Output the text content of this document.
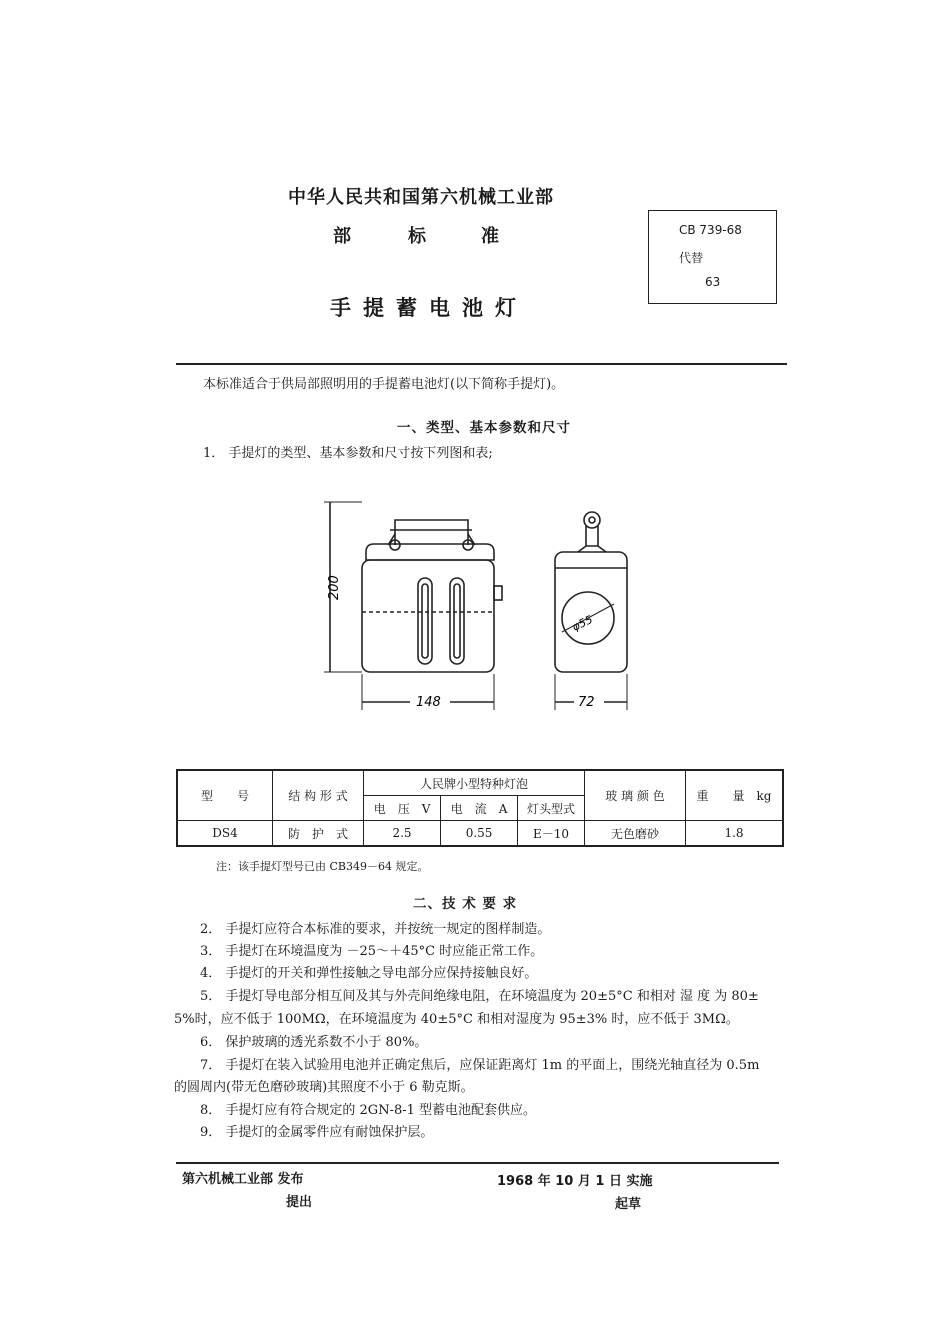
中华人民共和国第六机械工业部
部	标	准
手提蓄电池灯
CB 739-68
代替
63
本标准适合于供局部照明用的手提蓄电池灯(以下简称手提灯)。
一、类型、基本参数和尺寸
1． 手提灯的类型、基本参数和尺寸按下列图和表;
200
148	72
φ55
型　　号	结 构 形 式	人民牌小型特种灯泡			玻 璃 颜 色	重　　量　kg
		电　压　V	电　流　A	灯头型式		
DS4	防　护　式	2.5	0.55	E－10	无色磨砂	1.8
注：该手提灯型号已由 CB349－64 规定。
二、技 术 要 求
2． 手提灯应符合本标准的要求，并按统一规定的图样制造。
3． 手提灯在环境温度为 －25～＋45°C 时应能正常工作。
4． 手提灯的开关和弹性接触之导电部分应保持接触良好。
5． 手提灯导电部分相互间及其与外壳间绝缘电阻，在环境温度为 20±5°C 和相对 湿 度 为 80±
5%时，应不低于 100MΩ，在环境温度为 40±5°C 和相对湿度为 95±3% 时，应不低于 3MΩ。
6． 保护玻璃的透光系数不小于 80%。
7． 手提灯在装入试验用电池并正确定焦后，应保证距离灯 1m 的平面上，围绕光轴直径为 0.5m
的圆周内(带无色磨砂玻璃)其照度不小于 6 勒克斯。
8． 手提灯应有符合规定的 2GN-8-1 型蓄电池配套供应。
9． 手提灯的金属零件应有耐蚀保护层。
第六机械工业部 发布
提出
1968 年 10 月 1 日 实施
起草
